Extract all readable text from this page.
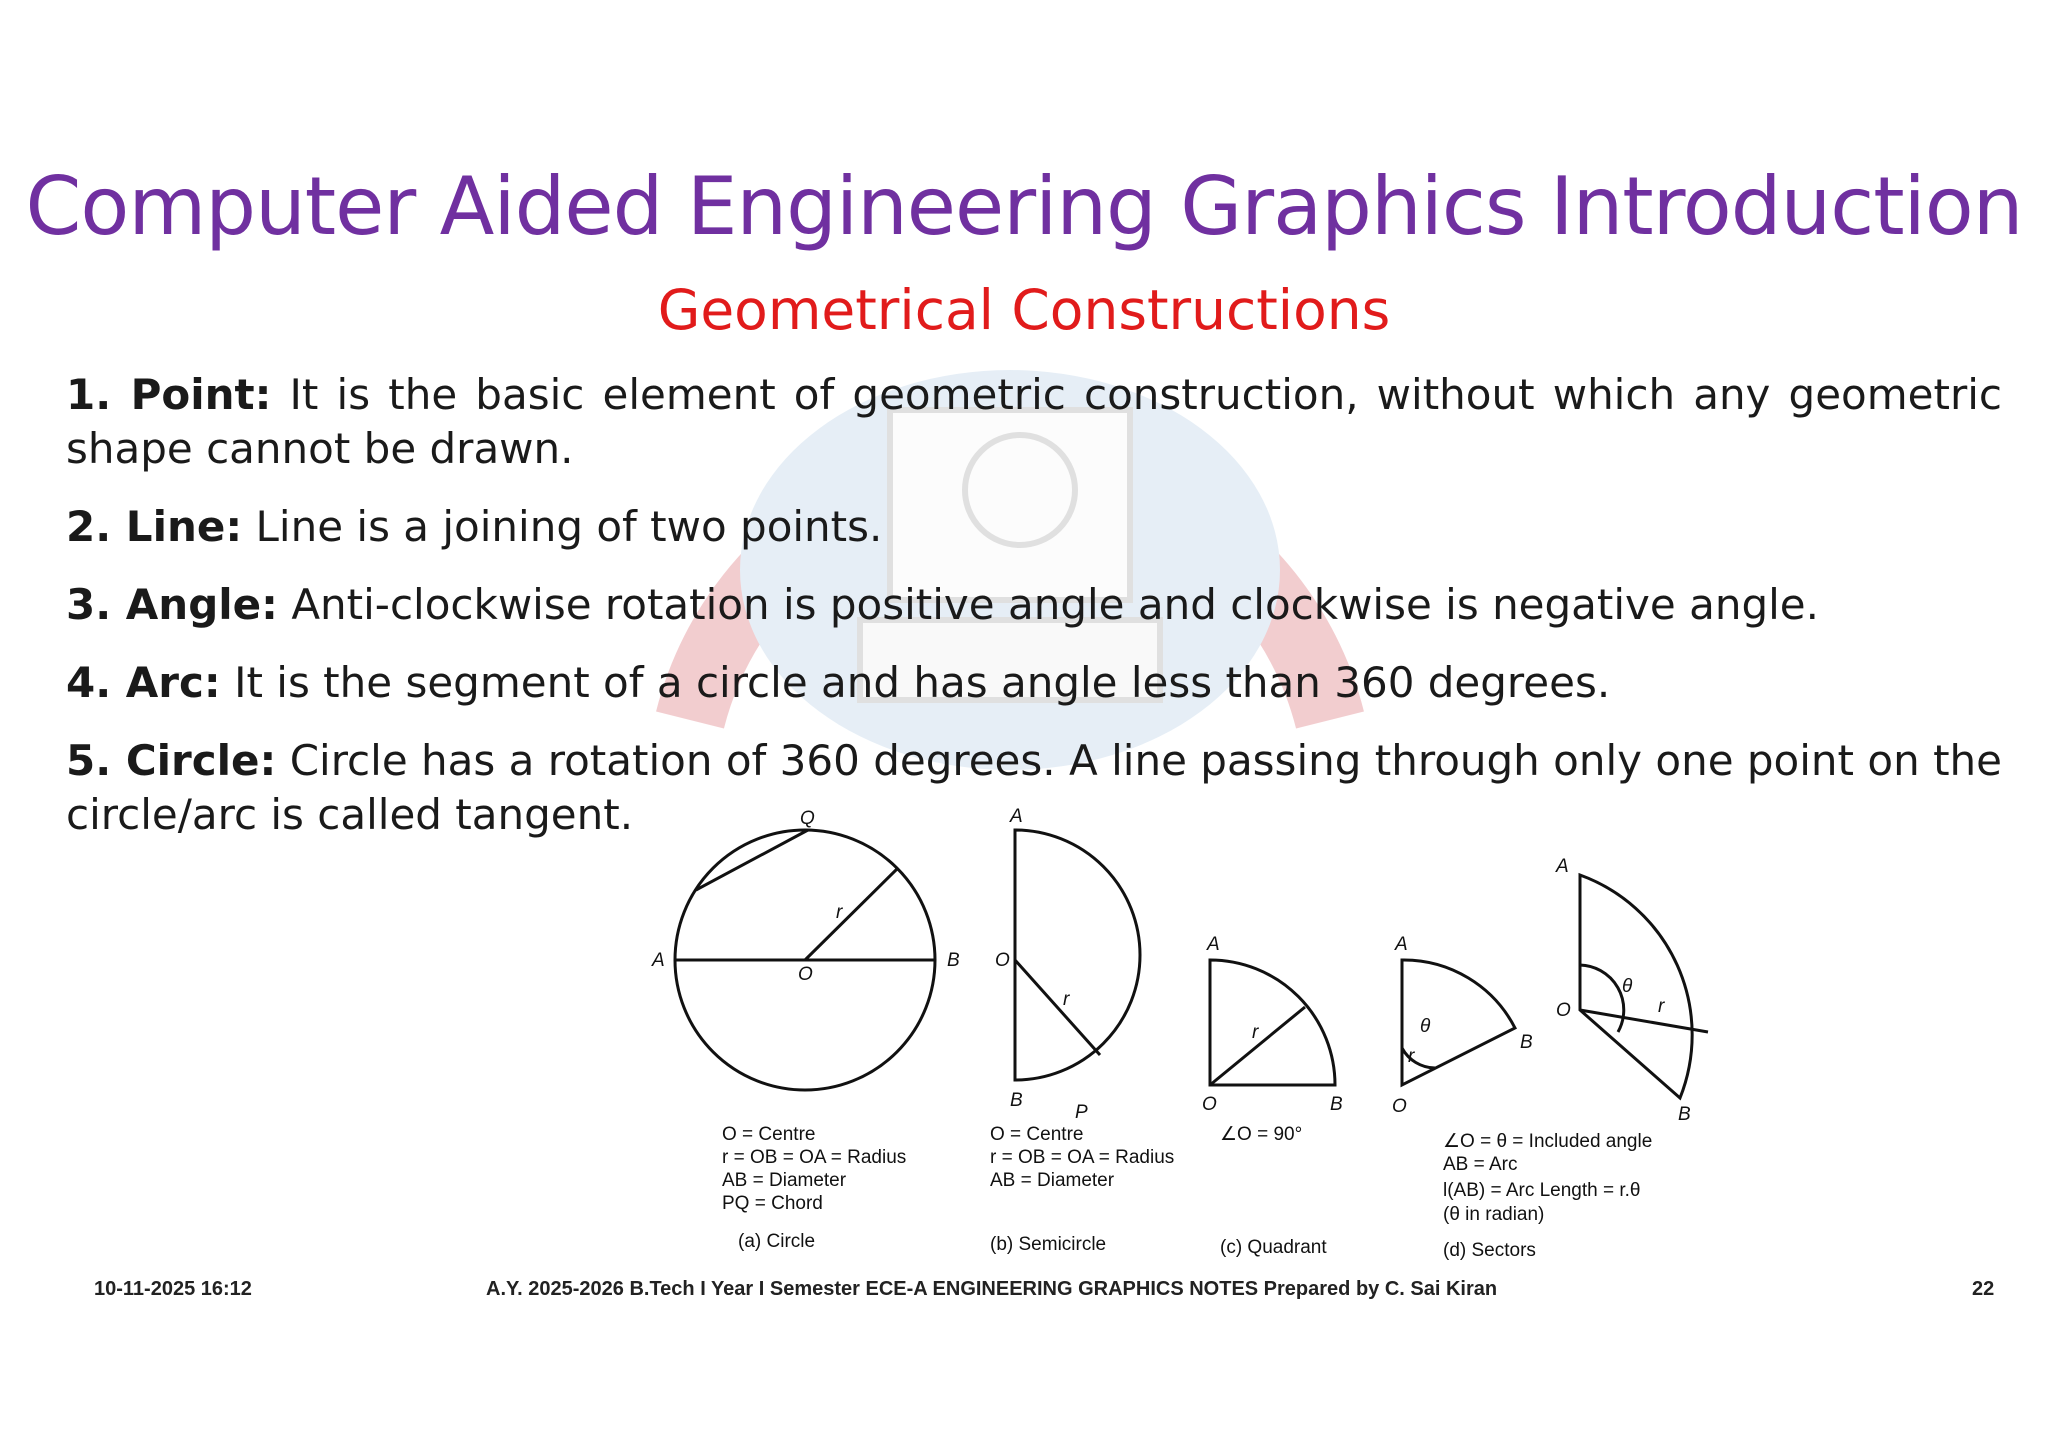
Computer Aided Engineering Graphics Introduction
Geometrical Constructions

1. Point: It is the basic element of geometric construction, without which any geometric shape cannot be drawn.

2. Line: Line is a joining of two points.

3. Angle: Anti-clockwise rotation is positive angle and clockwise is negative angle.

4. Arc: It is the segment of a circle and has angle less than 360 degrees.

5. Circle: Circle has a rotation of 360 degrees. A line passing through only one point on the circle/arc is called tangent.	Q
A	B
O
r
A
O
B
P
r
A
O	B
r
A
B
O
θ
r
A
O
B
θ
r
O = Centre
r = OB = OA = Radius
AB = Diameter
PQ = Chord
(a) Circle
O = Centre
r = OB = OA = Radius
AB = Diameter
(b) Semicircle
∠O = 90°
(c) Quadrant
∠O = θ = Included angle
AB = Arc
l(AB) = Arc Length = r.θ
(θ in radian)
(d) Sectors
10-11-2025 16:12	A.Y. 2025-2026 B.Tech I Year I Semester ECE-A ENGINEERING GRAPHICS NOTES Prepared by C. Sai Kiran	22
